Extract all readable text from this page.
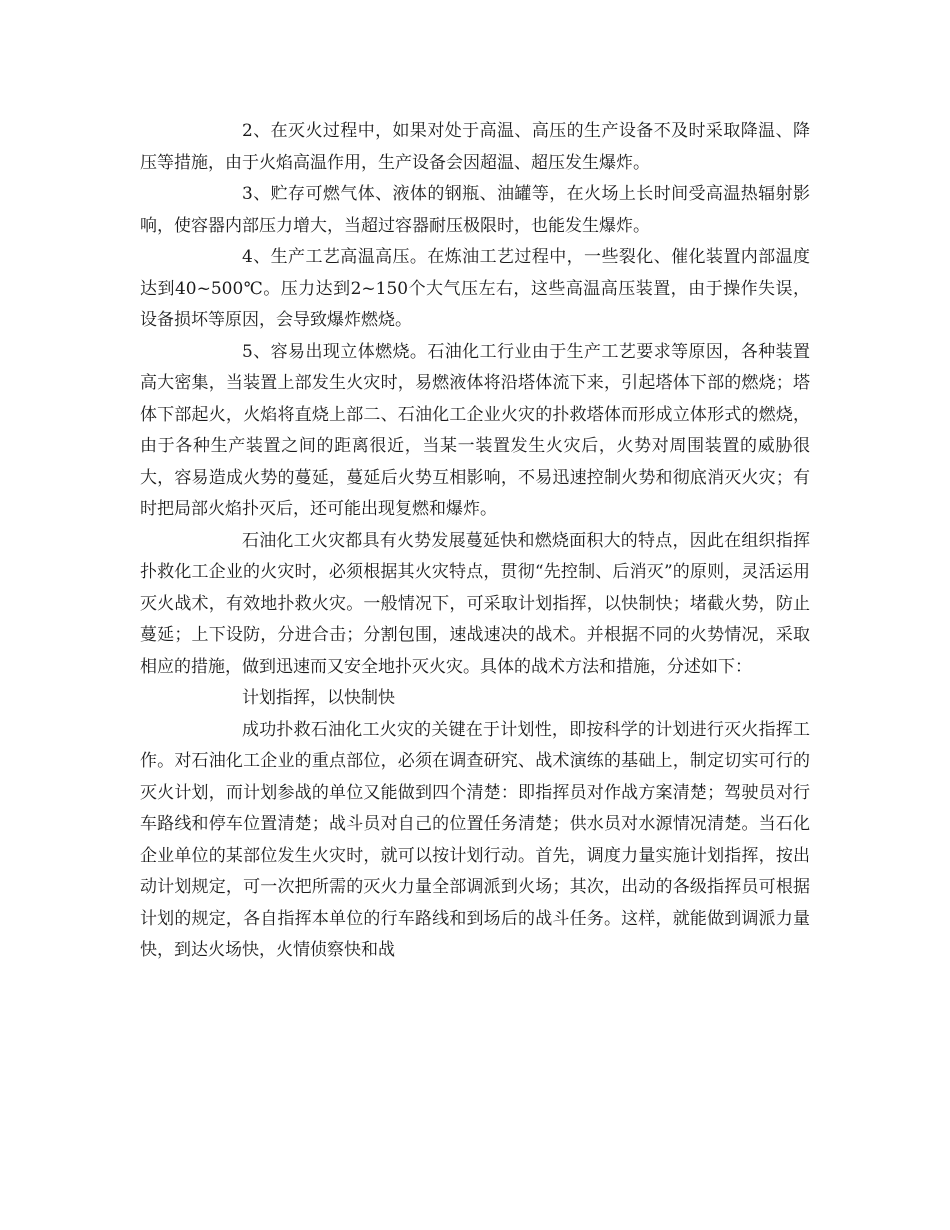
2、在灭火过程中，如果对处于高温、高压的生产设备不及时采取降温、降压等措施，由于火焰高温作用，生产设备会因超温、超压发生爆炸。

3、贮存可燃气体、液体的钢瓶、油罐等，在火场上长时间受高温热辐射影响，使容器内部压力增大，当超过容器耐压极限时，也能发生爆炸。

4、生产工艺高温高压。在炼油工艺过程中，一些裂化、催化装置内部温度达到40~500℃。压力达到2~150个大气压左右，这些高温高压装置，由于操作失误，设备损坏等原因，会导致爆炸燃烧。

5、容易出现立体燃烧。石油化工行业由于生产工艺要求等原因，各种装置高大密集，当装置上部发生火灾时，易燃液体将沿塔体流下来，引起塔体下部的燃烧；塔体下部起火，火焰将直烧上部二、石油化工企业火灾的扑救塔体而形成立体形式的燃烧，由于各种生产装置之间的距离很近，当某一装置发生火灾后，火势对周围装置的威胁很大，容易造成火势的蔓延，蔓延后火势互相影响，不易迅速控制火势和彻底消灭火灾；有时把局部火焰扑灭后，还可能出现复燃和爆炸。

石油化工火灾都具有火势发展蔓延快和燃烧面积大的特点，因此在组织指挥扑救化工企业的火灾时，必须根据其火灾特点，贯彻“先控制、后消灭”的原则，灵活运用灭火战术，有效地扑救火灾。一般情况下，可采取计划指挥，以快制快；堵截火势，防止蔓延；上下设防，分进合击；分割包围，速战速决的战术。并根据不同的火势情况，采取相应的措施，做到迅速而又安全地扑灭火灾。具体的战术方法和措施，分述如下：

计划指挥，以快制快

成功扑救石油化工火灾的关键在于计划性，即按科学的计划进行灭火指挥工作。对石油化工企业的重点部位，必须在调查研究、战术演练的基础上，制定切实可行的灭火计划，而计划参战的单位又能做到四个清楚：即指挥员对作战方案清楚；驾驶员对行车路线和停车位置清楚；战斗员对自己的位置任务清楚；供水员对水源情况清楚。当石化企业单位的某部位发生火灾时，就可以按计划行动。首先，调度力量实施计划指挥，按出动计划规定，可一次把所需的灭火力量全部调派到火场；其次，出动的各级指挥员可根据计划的规定，各自指挥本单位的行车路线和到场后的战斗任务。这样，就能做到调派力量快，到达火场快，火情侦察快和战
